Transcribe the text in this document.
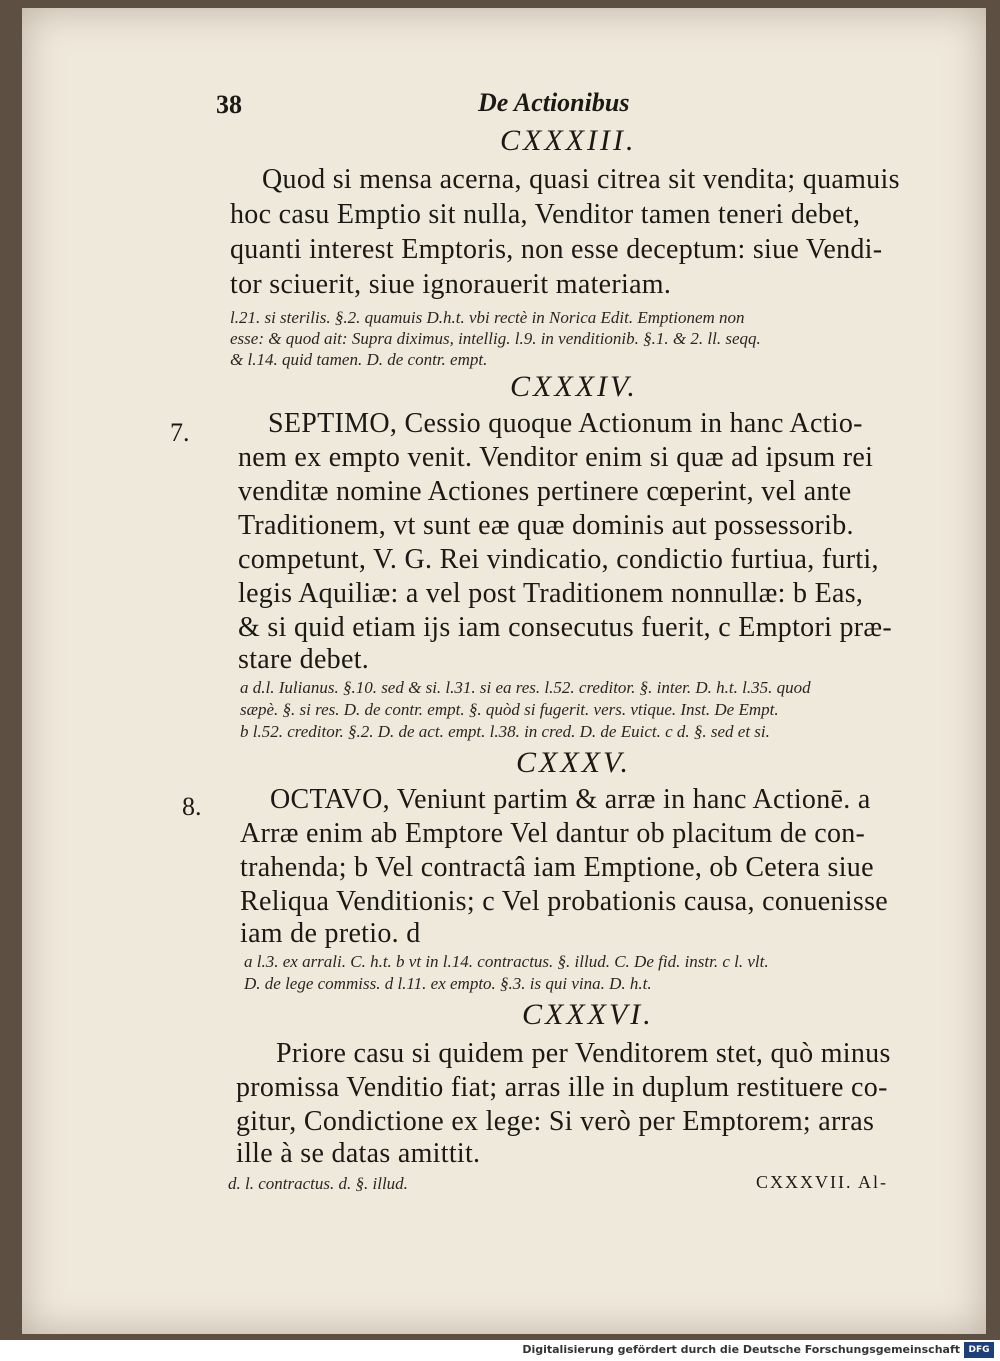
38	De Actionibus
CXXXIII.
Quod si mensa acerna, quasi citrea sit vendita; quamuis
hoc casu Emptio sit nulla, Venditor tamen teneri debet,
quanti interest Emptoris, non esse deceptum: siue Vendi-
tor sciuerit, siue ignorauerit materiam.
l.21. si sterilis. §.2. quamuis D.h.t. vbi rectè in Norica Edit. Emptionem non
esse: & quod ait: Supra diximus, intellig. l.9. in venditionib. §.1. & 2. ll. seqq.
& l.14. quid tamen. D. de contr. empt.
CXXXIV.
7.	SEPTIMO, Cessio quoque Actionum in hanc Actio-
nem ex empto venit. Venditor enim si quæ ad ipsum rei
venditæ nomine Actiones pertinere cœperint, vel ante
Traditionem, vt sunt eæ quæ dominis aut possessorib.
competunt, V. G. Rei vindicatio, condictio furtiua, furti,
legis Aquiliæ: a vel post Traditionem nonnullæ: b Eas,
& si quid etiam ijs iam consecutus fuerit, c Emptori præ-
stare debet.
a d.l. Iulianus. §.10. sed & si. l.31. si ea res. l.52. creditor. §. inter. D. h.t. l.35. quod
sæpè. §. si res. D. de contr. empt. §. quòd si fugerit. vers. vtique. Inst. De Empt.
b l.52. creditor. §.2. D. de act. empt. l.38. in cred. D. de Euict. c d. §. sed et si.
CXXXV.
8. OCTAVO, Veniunt partim & arræ in hanc Actionē. a
Arræ enim ab Emptore Vel dantur ob placitum de con-
trahenda; b Vel contractâ iam Emptione, ob Cetera siue
Reliqua Venditionis; c Vel probationis causa, conuenisse
iam de pretio. d
a l.3. ex arrali. C. h.t. b vt in l.14. contractus. §. illud. C. De fid. instr. c l. vlt.
D. de lege commiss. d l.11. ex empto. §.3. is qui vina. D. h.t.
CXXXVI.
Priore casu si quidem per Venditorem stet, quò minus
promissa Venditio fiat; arras ille in duplum restituere co-
gitur, Condictione ex lege: Si verò per Emptorem; arras
ille à se datas amittit.
d. l. contractus. d. §. illud.	CXXXVII. Al-
Digitalisierung gefördert durch die Deutsche Forschungsgemeinschaft DFG
